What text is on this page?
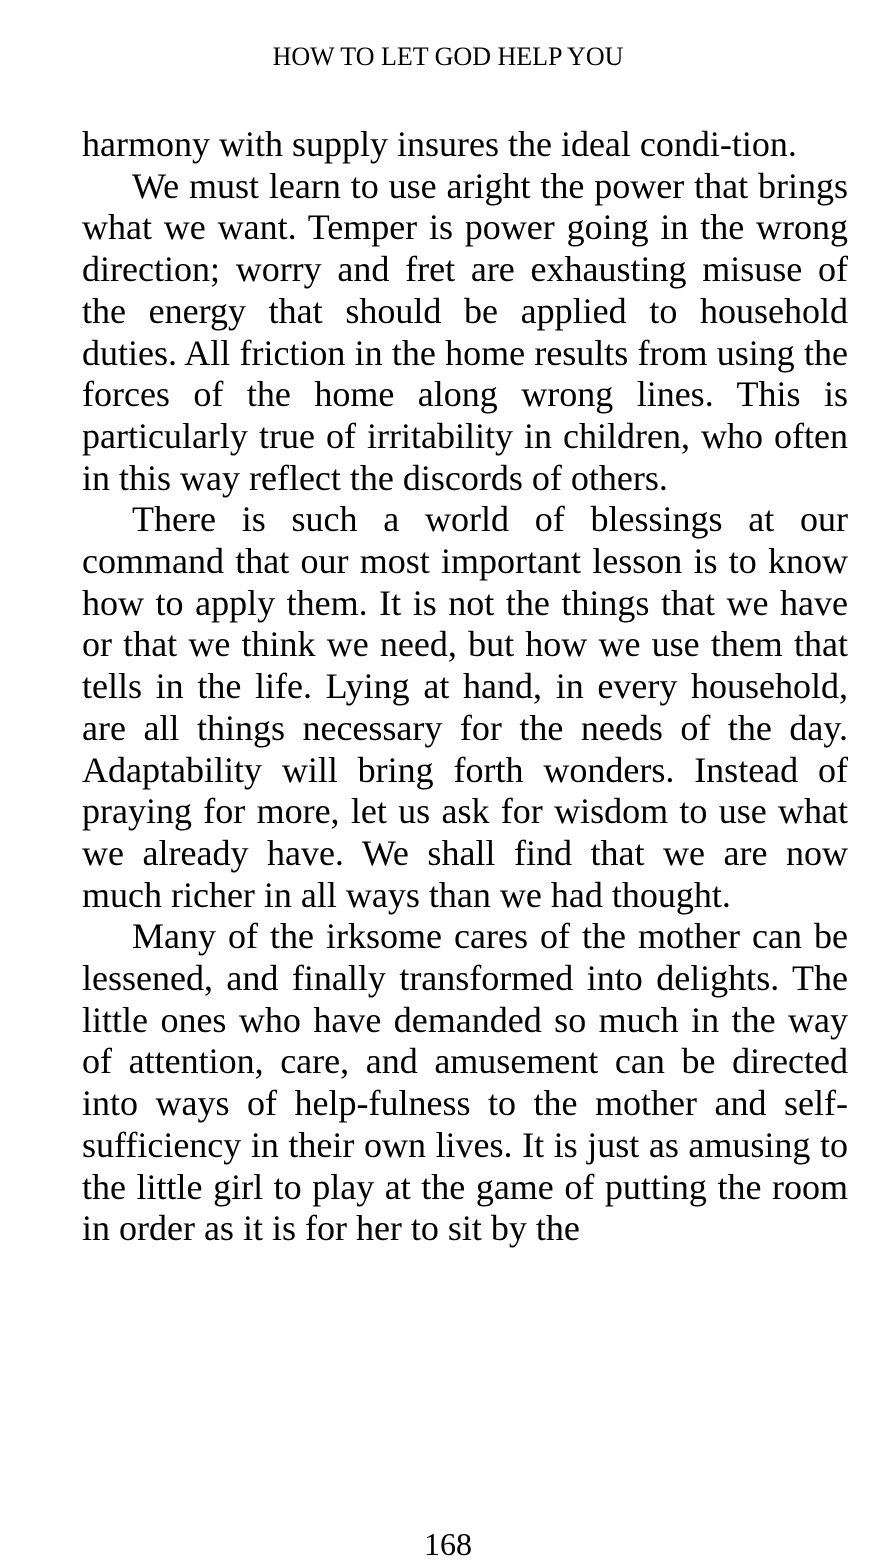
HOW TO LET GOD HELP YOU

harmony with supply insures the ideal condi-tion.

We must learn to use aright the power that brings what we want. Temper is power going in the wrong direction; worry and fret are exhausting misuse of the energy that should be applied to household duties. All friction in the home results from using the forces of the home along wrong lines. This is particularly true of irritability in children, who often in this way reflect the discords of others.

There is such a world of blessings at our command that our most important lesson is to know how to apply them. It is not the things that we have or that we think we need, but how we use them that tells in the life. Lying at hand, in every household, are all things necessary for the needs of the day. Adaptability will bring forth wonders. Instead of praying for more, let us ask for wisdom to use what we already have. We shall find that we are now much richer in all ways than we had thought.

Many of the irksome cares of the mother can be lessened, and finally transformed into delights. The little ones who have demanded so much in the way of attention, care, and amusement can be directed into ways of help-fulness to the mother and self-sufficiency in their own lives. It is just as amusing to the little girl to play at the game of putting the room in order as it is for her to sit by the

168
